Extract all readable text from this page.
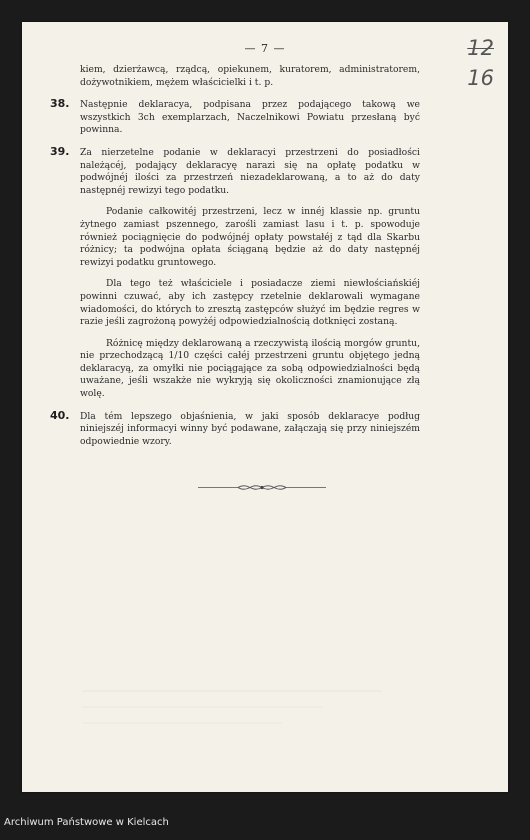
— 7 —	12
16

kiem, dzierżawcą, rządcą, opiekunem, kuratorem, administratorem, dożywotnikiem, mężem właścicielki i t. p.

38. Następnie deklaracya, podpisana przez podającego takową we wszystkich 3ch exemplarzach, Naczelnikowi Powiatu przesłaną być powinna.

39. Za nierzetelne podanie w deklaracyi przestrzeni do posiadłości należącéj, podający deklaracyę narazi się na opłatę podatku w podwójnéj ilości za przestrzeń niezadeklarowaną, a to aż do daty następnéj rewizyi tego podatku.

Podanie całkowitéj przestrzeni, lecz w innéj klassie np. gruntu żytnego zamiast pszennego, zarośli zamiast lasu i t. p. spowoduje również pociągnięcie do podwójnéj opłaty powstałéj z tąd dla Skarbu różnicy; ta podwójna opłata ściąganą będzie aż do daty następnéj rewizyi podatku gruntowego.

Dla tego też właściciele i posiadacze ziemi niewłościańskiéj powinni czuwać, aby ich zastępcy rzetelnie deklarowali wymagane wiadomości, do których to zresztą zastępców służyć im będzie regres w razie jeśli zagrożoną powyżéj odpowiedzialnością dotknięci zostaną.

Różnicę między deklarowaną a rzeczywistą ilością morgów gruntu, nie przechodzącą 1/10 części całéj przestrzeni gruntu objętego jedną deklaracyą, za omyłki nie pociągające za sobą odpowiedzialności będą uważane, jeśli wszakże nie wykryją się okoliczności znamionujące złą wolę.

40. Dla tém lepszego objaśnienia, w jaki sposób deklaracye podług niniejszéj informacyi winny być podawane, załączają się przy niniejszém odpowiednie wzory.

Archiwum Państwowe w Kielcach
